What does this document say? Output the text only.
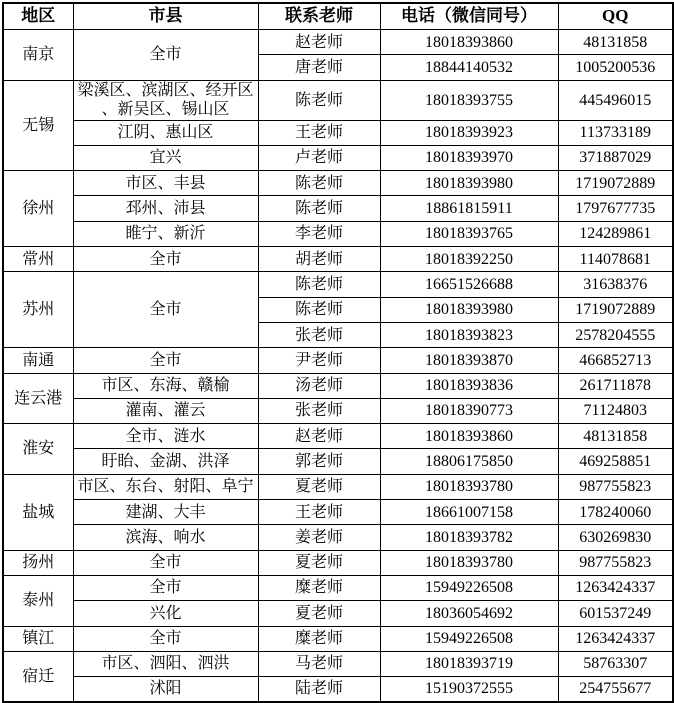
地区	市县	联系老师	电话（微信同号）	QQ
南京	全市	赵老师	18018393860	48131858
		唐老师	18844140532	1005200536
无锡	梁溪区、滨湖区、经开区、新吴区、锡山区	陈老师	18018393755	445496015
	江阴、惠山区	王老师	18018393923	113733189
	宜兴	卢老师	18018393970	371887029
徐州	市区、丰县	陈老师	18018393980	1719072889
	邳州、沛县	陈老师	18861815911	1797677735
	睢宁、新沂	李老师	18018393765	124289861
常州	全市	胡老师	18018392250	114078681
苏州	全市	陈老师	16651526688	31638376
		陈老师	18018393980	1719072889
		张老师	18018393823	2578204555
南通	全市	尹老师	18018393870	466852713
连云港	市区、东海、赣榆	汤老师	18018393836	261711878
	灌南、灌云	张老师	18018390773	71124803
淮安	全市、涟水	赵老师	18018393860	48131858
	盱眙、金湖、洪泽	郭老师	18806175850	469258851
盐城	市区、东台、射阳、阜宁	夏老师	18018393780	987755823
	建湖、大丰	王老师	18661007158	178240060
	滨海、响水	姜老师	18018393782	630269830
扬州	全市	夏老师	18018393780	987755823
泰州	全市	糜老师	15949226508	1263424337
	兴化	夏老师	18036054692	601537249
镇江	全市	糜老师	15949226508	1263424337
宿迁	市区、泗阳、泗洪	马老师	18018393719	58763307
	沭阳	陆老师	15190372555	254755677
